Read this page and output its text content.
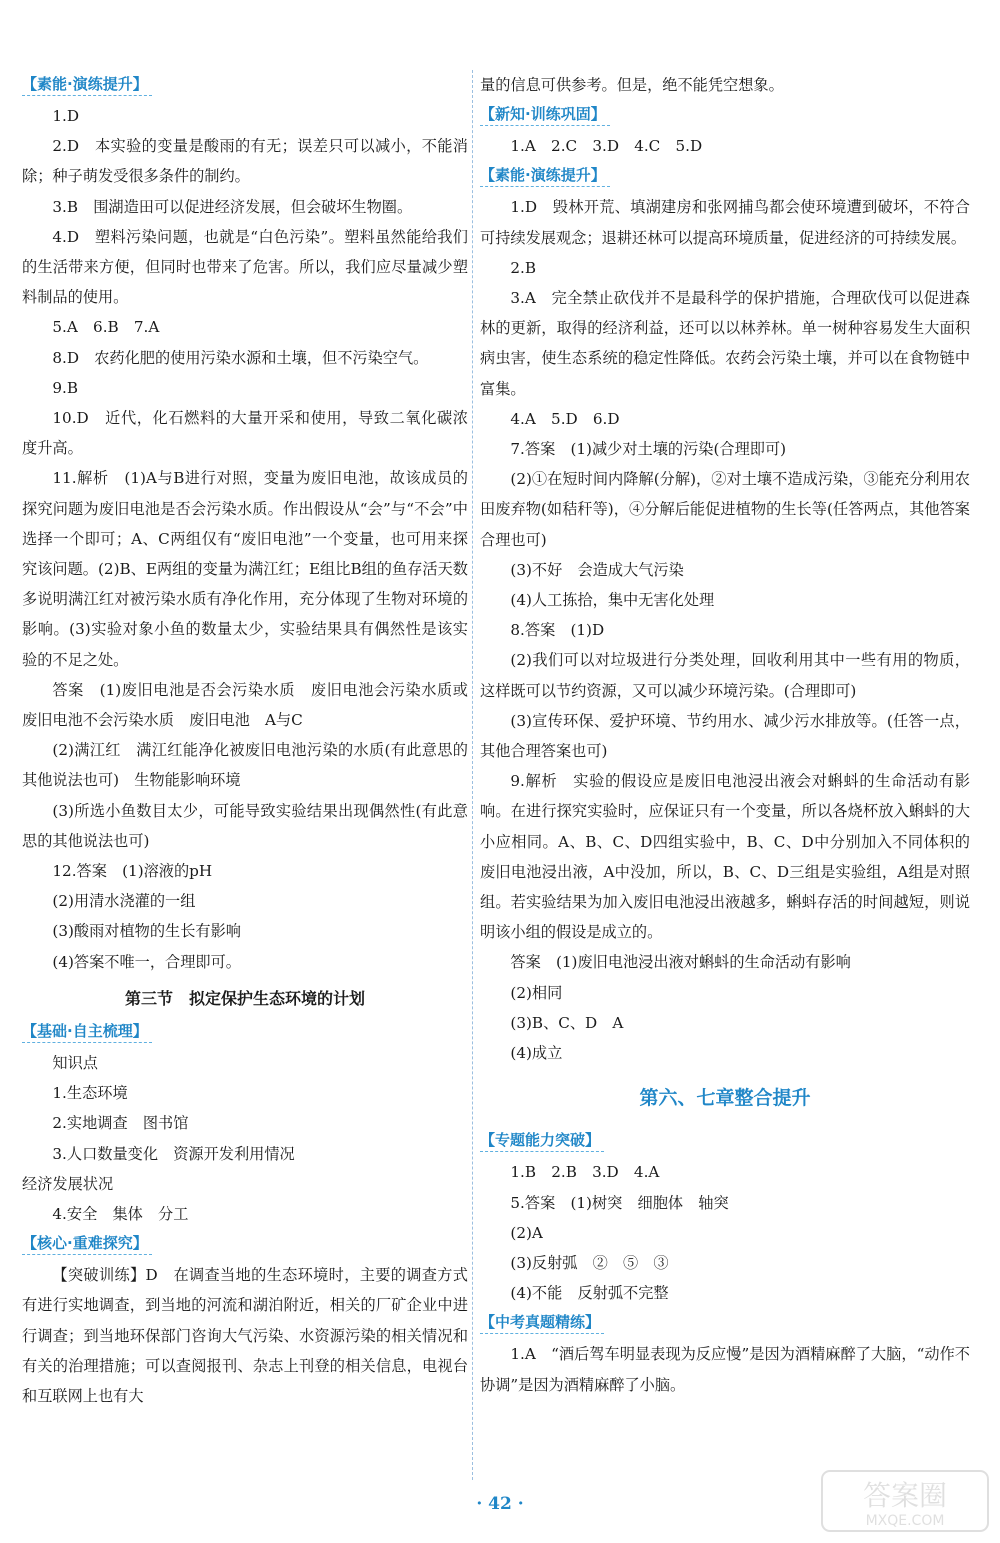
【素能·演练提升】
1.D
2.D　本实验的变量是酸雨的有无；误差只可以减小，不能消除；种子萌发受很多条件的制约。
3.B　围湖造田可以促进经济发展，但会破坏生物圈。
4.D　塑料污染问题，也就是“白色污染”。塑料虽然能给我们的生活带来方便，但同时也带来了危害。所以，我们应尽量减少塑料制品的使用。
5.A　6.B　7.A
8.D　农药化肥的使用污染水源和土壤，但不污染空气。
9.B
10.D　近代，化石燃料的大量开采和使用，导致二氧化碳浓度升高。
11.解析　(1)A与B进行对照，变量为废旧电池，故该成员的探究问题为废旧电池是否会污染水质。作出假设从“会”与“不会”中选择一个即可；A、C两组仅有“废旧电池”一个变量，也可用来探究该问题。(2)B、E两组的变量为满江红；E组比B组的鱼存活天数多说明满江红对被污染水质有净化作用，充分体现了生物对环境的影响。(3)实验对象小鱼的数量太少，实验结果具有偶然性是该实验的不足之处。
答案　(1)废旧电池是否会污染水质　废旧电池会污染水质或废旧电池不会污染水质　废旧电池　A与C
(2)满江红　满江红能净化被废旧电池污染的水质(有此意思的其他说法也可)　生物能影响环境
(3)所选小鱼数目太少，可能导致实验结果出现偶然性(有此意思的其他说法也可)
12.答案　(1)溶液的pH
(2)用清水浇灌的一组
(3)酸雨对植物的生长有影响
(4)答案不唯一，合理即可。
第三节　拟定保护生态环境的计划
【基础·自主梳理】
知识点
1.生态环境
2.实地调查　图书馆
3.人口数量变化　资源开发利用情况
经济发展状况
4.安全　集体　分工
【核心·重难探究】
【突破训练】D　在调查当地的生态环境时，主要的调查方式有进行实地调查，到当地的河流和湖泊附近，相关的厂矿企业中进行调查；到当地环保部门咨询大气污染、水资源污染的相关情况和有关的治理措施；可以查阅报刊、杂志上刊登的相关信息，电视台和互联网上也有大
量的信息可供参考。但是，绝不能凭空想象。
【新知·训练巩固】
1.A　2.C　3.D　4.C　5.D
【素能·演练提升】
1.D　毁林开荒、填湖建房和张网捕鸟都会使环境遭到破坏，不符合可持续发展观念；退耕还林可以提高环境质量，促进经济的可持续发展。
2.B
3.A　完全禁止砍伐并不是最科学的保护措施，合理砍伐可以促进森林的更新，取得的经济利益，还可以以林养林。单一树种容易发生大面积病虫害，使生态系统的稳定性降低。农药会污染土壤，并可以在食物链中富集。
4.A　5.D　6.D
7.答案　(1)减少对土壤的污染(合理即可)
(2)①在短时间内降解(分解)，②对土壤不造成污染，③能充分利用农田废弃物(如秸秆等)，④分解后能促进植物的生长等(任答两点，其他答案合理也可)
(3)不好　会造成大气污染
(4)人工拣拾，集中无害化处理
8.答案　(1)D
(2)我们可以对垃圾进行分类处理，回收利用其中一些有用的物质，这样既可以节约资源，又可以减少环境污染。(合理即可)
(3)宣传环保、爱护环境、节约用水、减少污水排放等。(任答一点，其他合理答案也可)
9.解析　实验的假设应是废旧电池浸出液会对蝌蚪的生命活动有影响。在进行探究实验时，应保证只有一个变量，所以各烧杯放入蝌蚪的大小应相同。A、B、C、D四组实验中，B、C、D中分别加入不同体积的废旧电池浸出液，A中没加，所以，B、C、D三组是实验组，A组是对照组。若实验结果为加入废旧电池浸出液越多，蝌蚪存活的时间越短，则说明该小组的假设是成立的。
答案　(1)废旧电池浸出液对蝌蚪的生命活动有影响
(2)相同
(3)B、C、D　A
(4)成立
第六、七章整合提升
【专题能力突破】
1.B　2.B　3.D　4.A
5.答案　(1)树突　细胞体　轴突
(2)A
(3)反射弧　②　⑤　③
(4)不能　反射弧不完整
【中考真题精练】
1.A　“酒后驾车明显表现为反应慢”是因为酒精麻醉了大脑，“动作不协调”是因为酒精麻醉了小脑。
· 42 ·	答案圈
MXQE.COM
